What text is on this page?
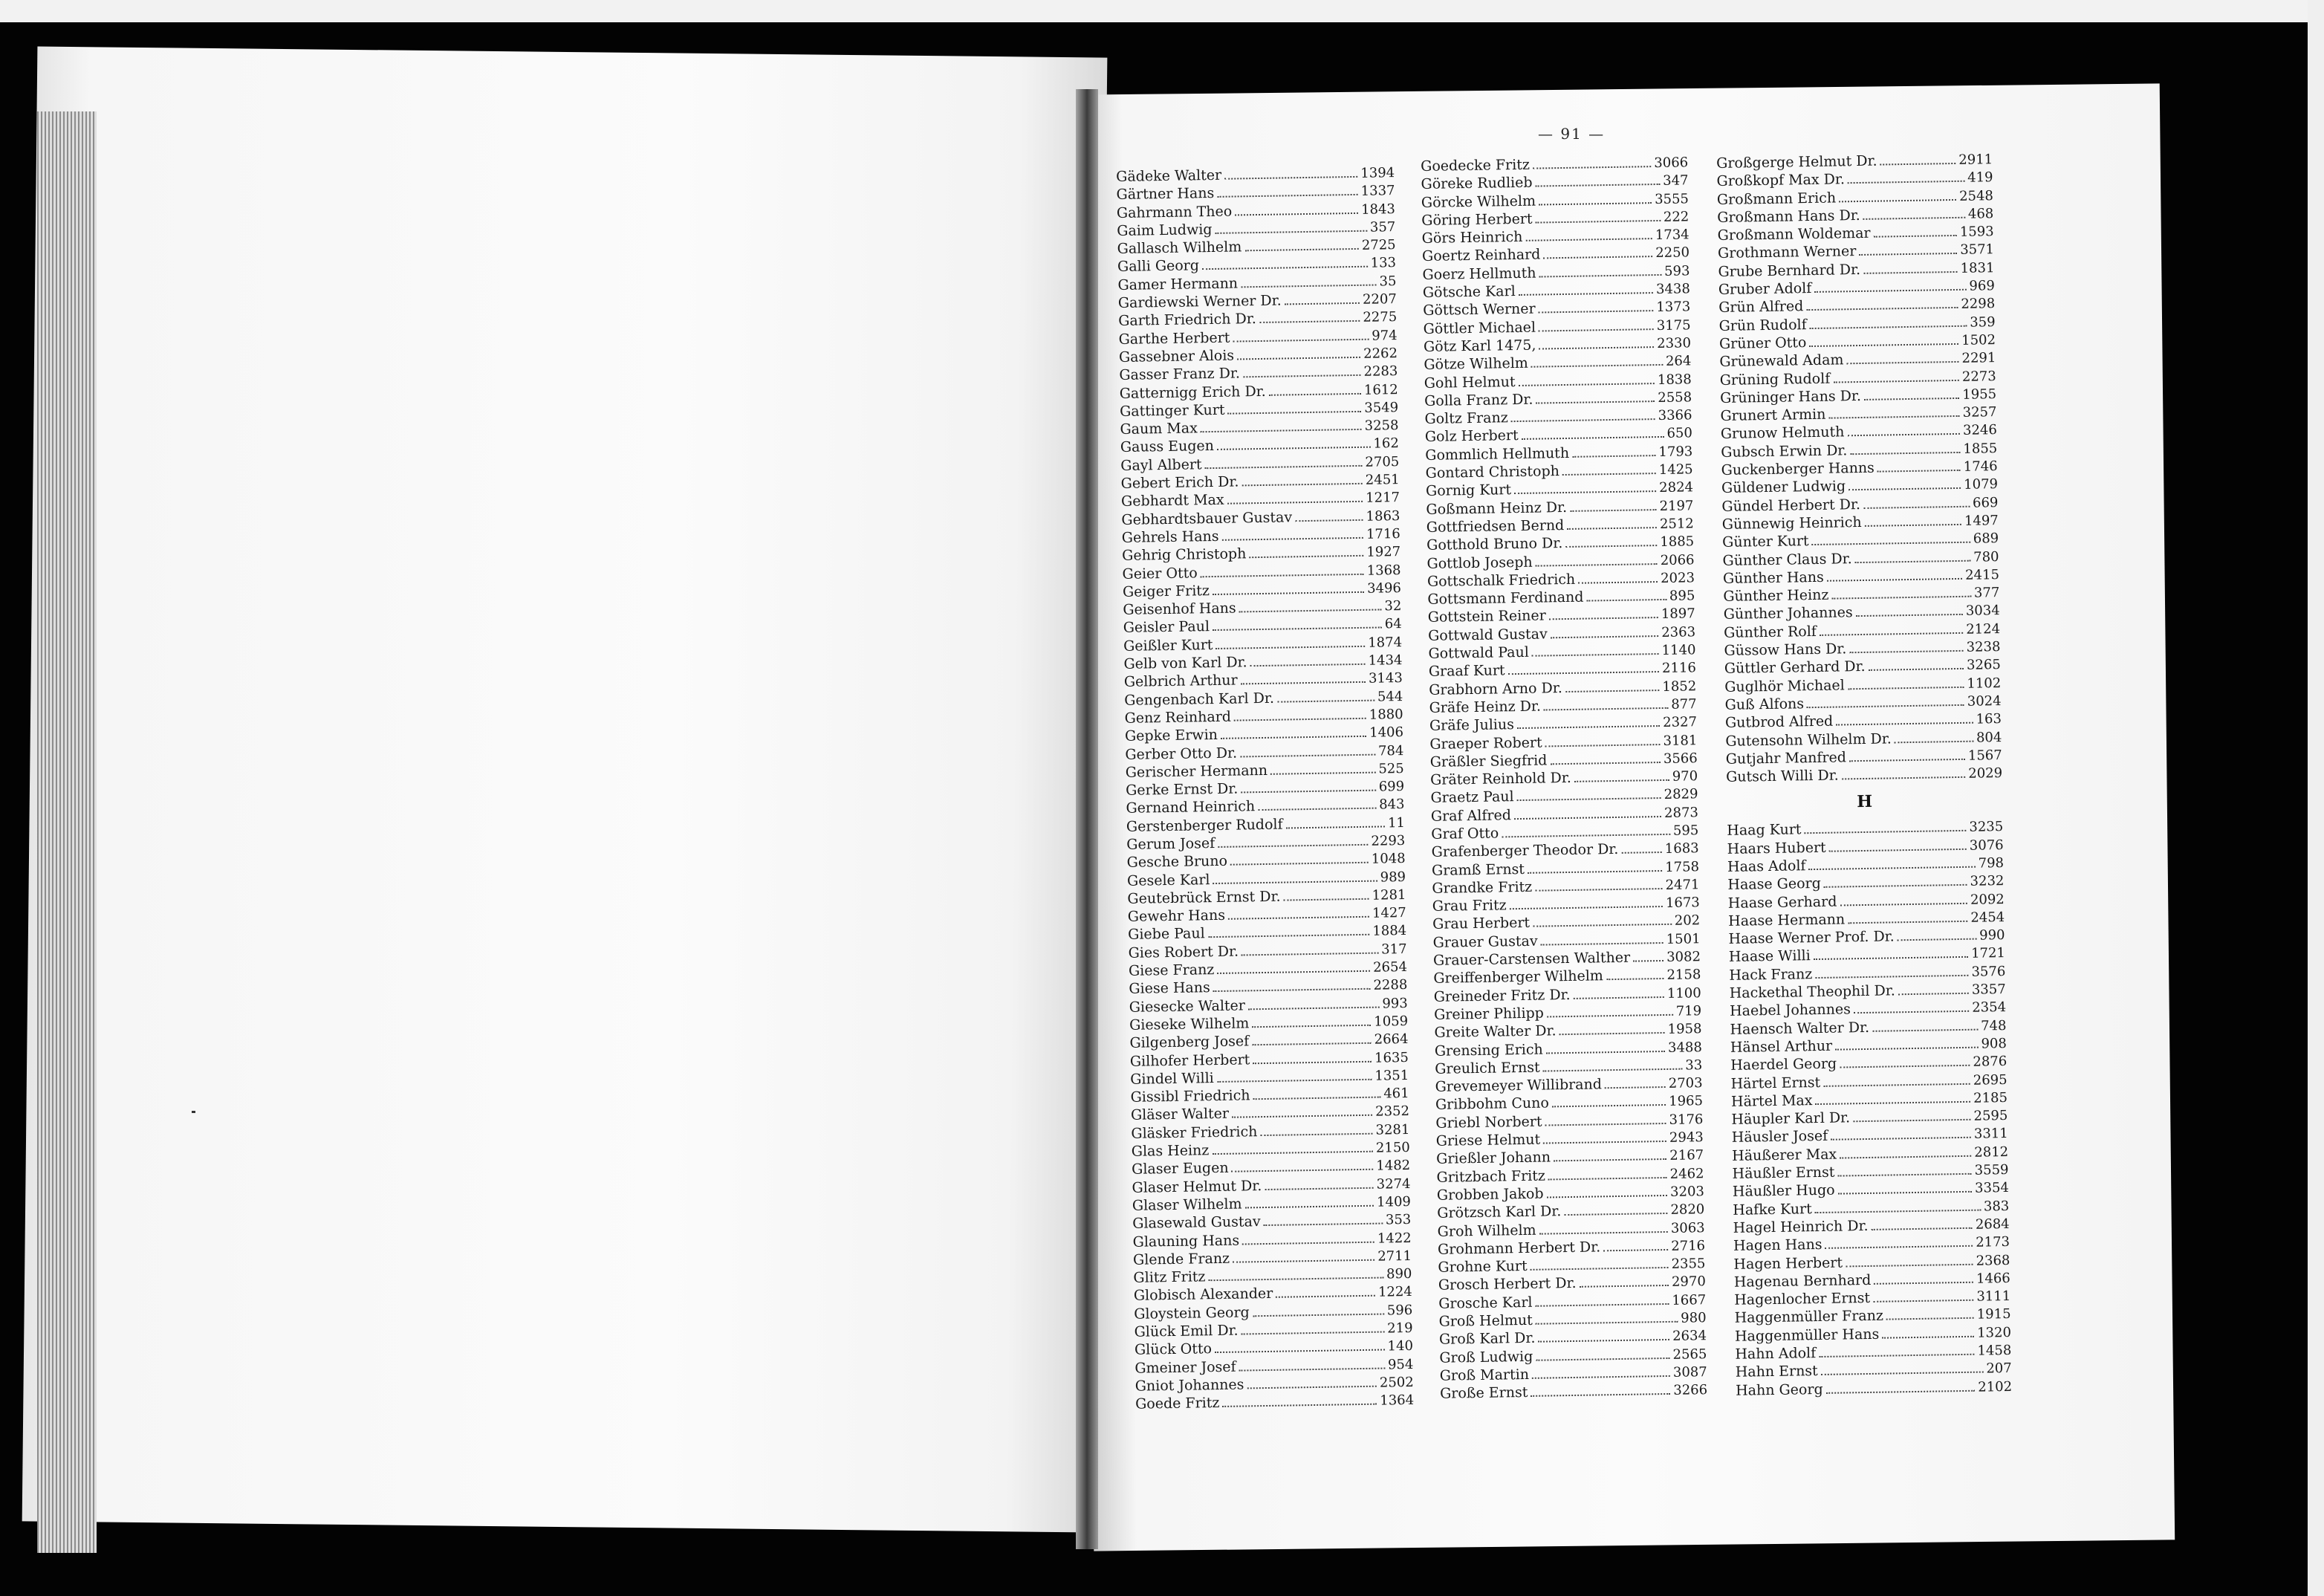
— 91 —
Gädeke Walter	1394
Gärtner Hans	1337
Gahrmann Theo	1843
Gaim Ludwig	357
Gallasch Wilhelm	2725
Galli Georg	133
Gamer Hermann	35
Gardiewski Werner Dr.	2207
Garth Friedrich Dr.	2275
Garthe Herbert	974
Gassebner Alois	2262
Gasser Franz Dr.	2283
Gatternigg Erich Dr.	1612
Gattinger Kurt	3549
Gaum Max	3258
Gauss Eugen	162
Gayl Albert	2705
Gebert Erich Dr.	2451
Gebhardt Max	1217
Gebhardtsbauer Gustav	1863
Gehrels Hans	1716
Gehrig Christoph	1927
Geier Otto	1368
Geiger Fritz	3496
Geisenhof Hans	32
Geisler Paul	64
Geißler Kurt	1874
Gelb von Karl Dr.	1434
Gelbrich Arthur	3143
Gengenbach Karl Dr.	544
Genz Reinhard	1880
Gepke Erwin	1406
Gerber Otto Dr.	784
Gerischer Hermann	525
Gerke Ernst Dr.	699
Gernand Heinrich	843
Gerstenberger Rudolf	11
Gerum Josef	2293
Gesche Bruno	1048
Gesele Karl	989
Geutebrück Ernst Dr.	1281
Gewehr Hans	1427
Giebe Paul	1884
Gies Robert Dr.	317
Giese Franz	2654
Giese Hans	2288
Giesecke Walter	993
Gieseke Wilhelm	1059
Gilgenberg Josef	2664
Gilhofer Herbert	1635
Gindel Willi	1351
Gissibl Friedrich	461
Gläser Walter	2352
Gläsker Friedrich	3281
Glas Heinz	2150
Glaser Eugen	1482
Glaser Helmut Dr.	3274
Glaser Wilhelm	1409
Glasewald Gustav	353
Glauning Hans	1422
Glende Franz	2711
Glitz Fritz	890
Globisch Alexander	1224
Gloystein Georg	596
Glück Emil Dr.	219
Glück Otto	140
Gmeiner Josef	954
Gniot Johannes	2502
Goede Fritz	1364
Goedecke Fritz	3066
Göreke Rudlieb	347
Görcke Wilhelm	3555
Göring Herbert	222
Görs Heinrich	1734
Goertz Reinhard	2250
Goerz Hellmuth	593
Götsche Karl	3438
Göttsch Werner	1373
Göttler Michael	3175
Götz Karl 1475,	2330
Götze Wilhelm	264
Gohl Helmut	1838
Golla Franz Dr.	2558
Goltz Franz	3366
Golz Herbert	650
Gommlich Hellmuth	1793
Gontard Christoph	1425
Gornig Kurt	2824
Goßmann Heinz Dr.	2197
Gottfriedsen Bernd	2512
Gotthold Bruno Dr.	1885
Gottlob Joseph	2066
Gottschalk Friedrich	2023
Gottsmann Ferdinand	895
Gottstein Reiner	1897
Gottwald Gustav	2363
Gottwald Paul	1140
Graaf Kurt	2116
Grabhorn Arno Dr.	1852
Gräfe Heinz Dr.	877
Gräfe Julius	2327
Graeper Robert	3181
Gräßler Siegfrid	3566
Gräter Reinhold Dr.	970
Graetz Paul	2829
Graf Alfred	2873
Graf Otto	595
Grafenberger Theodor Dr.	1683
Gramß Ernst	1758
Grandke Fritz	2471
Grau Fritz	1673
Grau Herbert	202
Grauer Gustav	1501
Grauer-Carstensen Walther	3082
Greiffenberger Wilhelm	2158
Greineder Fritz Dr.	1100
Greiner Philipp	719
Greite Walter Dr.	1958
Grensing Erich	3488
Greulich Ernst	33
Grevemeyer Willibrand	2703
Gribbohm Cuno	1965
Griebl Norbert	3176
Griese Helmut	2943
Grießler Johann	2167
Gritzbach Fritz	2462
Grobben Jakob	3203
Grötzsch Karl Dr.	2820
Groh Wilhelm	3063
Grohmann Herbert Dr.	2716
Grohne Kurt	2355
Grosch Herbert Dr.	2970
Grosche Karl	1667
Groß Helmut	980
Groß Karl Dr.	2634
Groß Ludwig	2565
Groß Martin	3087
Große Ernst	3266
Großgerge Helmut Dr.	2911
Großkopf Max Dr.	419
Großmann Erich	2548
Großmann Hans Dr.	468
Großmann Woldemar	1593
Grothmann Werner	3571
Grube Bernhard Dr.	1831
Gruber Adolf	969
Grün Alfred	2298
Grün Rudolf	359
Grüner Otto	1502
Grünewald Adam	2291
Grüning Rudolf	2273
Grüninger Hans Dr.	1955
Grunert Armin	3257
Grunow Helmuth	3246
Gubsch Erwin Dr.	1855
Guckenberger Hanns	1746
Güldener Ludwig	1079
Gündel Herbert Dr.	669
Günnewig Heinrich	1497
Günter Kurt	689
Günther Claus Dr.	780
Günther Hans	2415
Günther Heinz	377
Günther Johannes	3034
Günther Rolf	2124
Güssow Hans Dr.	3238
Güttler Gerhard Dr.	3265
Guglhör Michael	1102
Guß Alfons	3024
Gutbrod Alfred	163
Gutensohn Wilhelm Dr.	804
Gutjahr Manfred	1567
Gutsch Willi Dr.	2029
H
Haag Kurt	3235
Haars Hubert	3076
Haas Adolf	798
Haase Georg	3232
Haase Gerhard	2092
Haase Hermann	2454
Haase Werner Prof. Dr.	990
Haase Willi	1721
Hack Franz	3576
Hackethal Theophil Dr.	3357
Haebel Johannes	2354
Haensch Walter Dr.	748
Hänsel Arthur	908
Haerdel Georg	2876
Härtel Ernst	2695
Härtel Max	2185
Häupler Karl Dr.	2595
Häusler Josef	3311
Häußerer Max	2812
Häußler Ernst	3559
Häußler Hugo	3354
Hafke Kurt	383
Hagel Heinrich Dr.	2684
Hagen Hans	2173
Hagen Herbert	2368
Hagenau Bernhard	1466
Hagenlocher Ernst	3111
Haggenmüller Franz	1915
Haggenmüller Hans	1320
Hahn Adolf	1458
Hahn Ernst	207
Hahn Georg	2102
